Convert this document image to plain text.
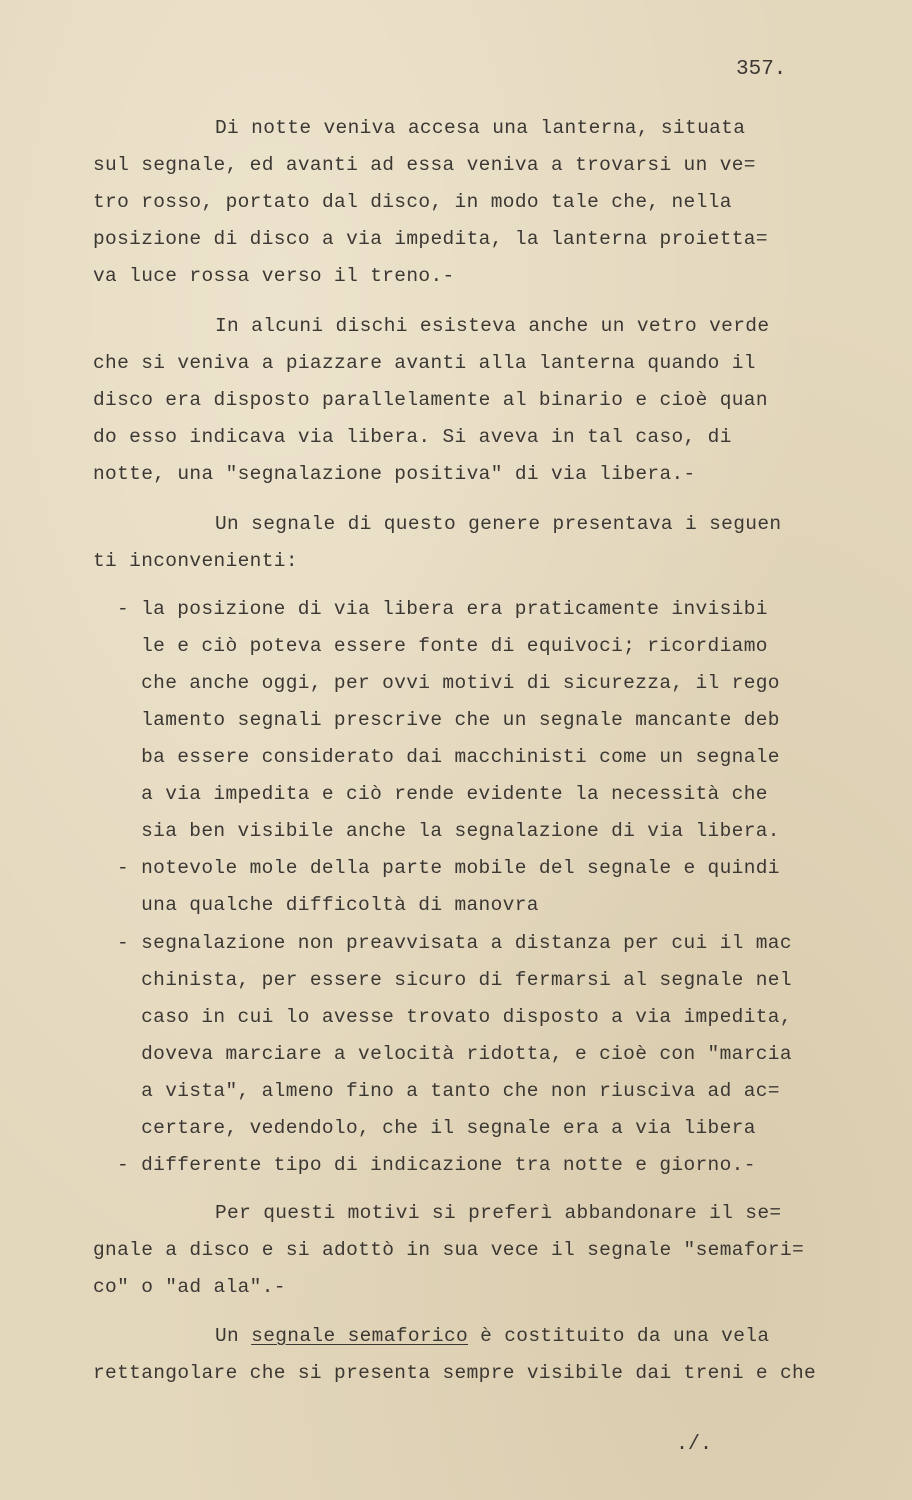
357.
Di notte veniva accesa una lanterna, situata
sul segnale, ed avanti ad essa veniva a trovarsi un ve=
tro rosso, portato dal disco, in modo tale che, nella
posizione di disco a via impedita, la lanterna proietta=
va luce rossa verso il treno.-
In alcuni dischi esisteva anche un vetro verde
che si veniva a piazzare avanti alla lanterna quando il
disco era disposto parallelamente al binario e cioè quan
do esso indicava via libera. Si aveva in tal caso, di
notte, una "segnalazione positiva" di via libera.-
Un segnale di questo genere presentava i seguen
ti inconvenienti:
- la posizione di via libera era praticamente invisibi
le e ciò poteva essere fonte di equivoci; ricordiamo
che anche oggi, per ovvi motivi di sicurezza, il rego
lamento segnali prescrive che un segnale mancante deb
ba essere considerato dai macchinisti come un segnale
a via impedita e ciò rende evidente la necessità che
sia ben visibile anche la segnalazione di via libera.
- notevole mole della parte mobile del segnale e quindi
una qualche difficoltà di manovra
- segnalazione non preavvisata a distanza per cui il mac
chinista, per essere sicuro di fermarsi al segnale nel
caso in cui lo avesse trovato disposto a via impedita,
doveva marciare a velocità ridotta, e cioè con "marcia
a vista", almeno fino a tanto che non riusciva ad ac=
certare, vedendolo, che il segnale era a via libera
- differente tipo di indicazione tra notte e giorno.-
Per questi motivi si preferì abbandonare il se=
gnale a disco e si adottò in sua vece il segnale "semafori=
co" o "ad ala".-
Un segnale semaforico è costituito da una vela
rettangolare che si presenta sempre visibile dai treni e che
./.
